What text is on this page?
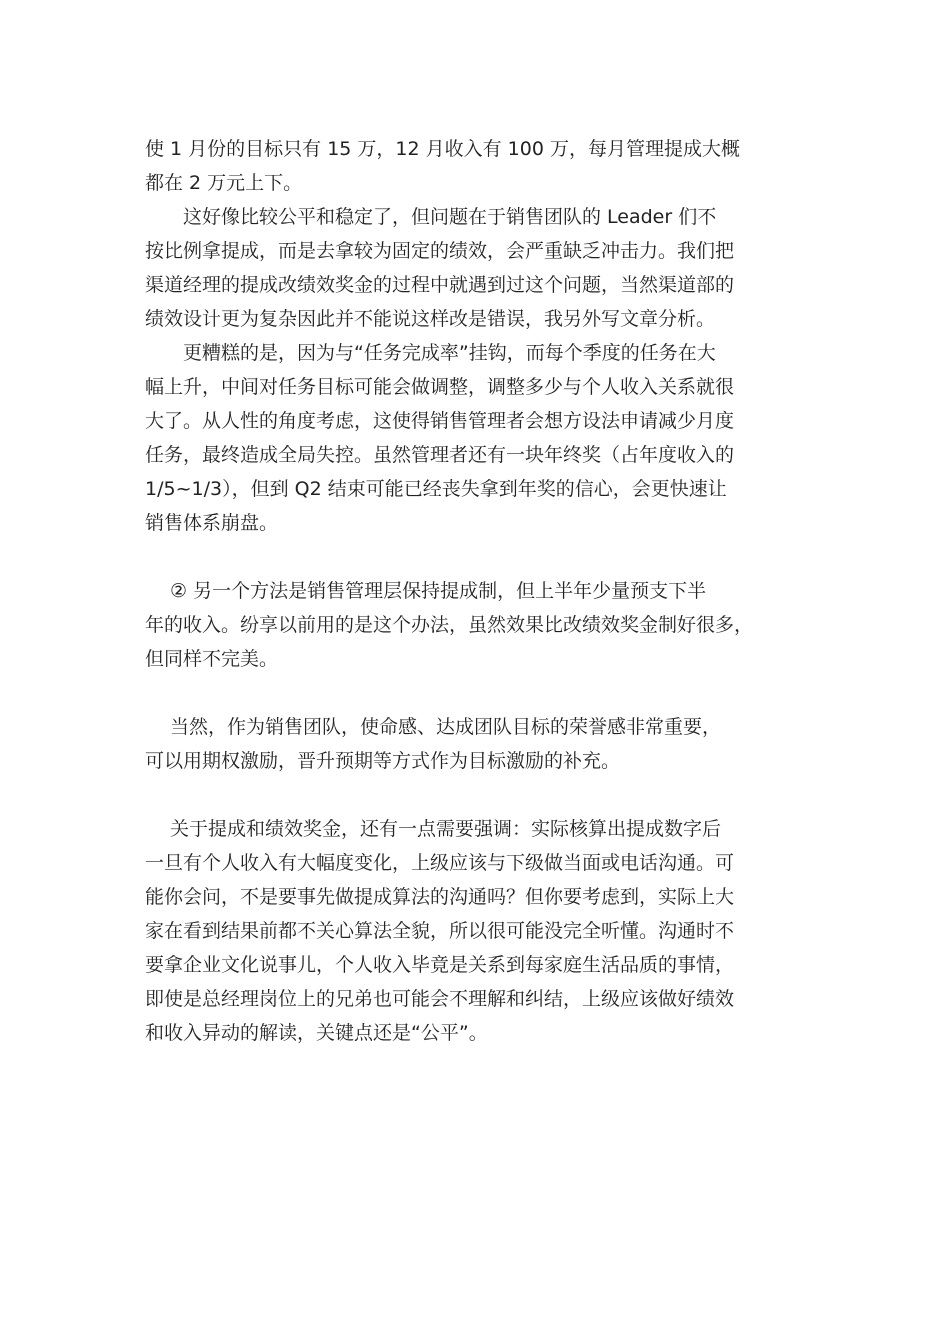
使 1 月份的目标只有 15 万，12 月收入有 100 万，每月管理提成大概

都在 2 万元上下。

　　这好像比较公平和稳定了，但问题在于销售团队的 Leader 们不

按比例拿提成，而是去拿较为固定的绩效，会严重缺乏冲击力。我们把

渠道经理的提成改绩效奖金的过程中就遇到过这个问题，当然渠道部的

绩效设计更为复杂因此并不能说这样改是错误，我另外写文章分析。

　　更糟糕的是，因为与“任务完成率”挂钩，而每个季度的任务在大

幅上升，中间对任务目标可能会做调整，调整多少与个人收入关系就很

大了。从人性的角度考虑，这使得销售管理者会想方设法申请减少月度

任务，最终造成全局失控。虽然管理者还有一块年终奖（占年度收入的

1/5~1/3），但到 Q2 结束可能已经丧失拿到年奖的信心，会更快速让

销售体系崩盘。

　 ② 另一个方法是销售管理层保持提成制，但上半年少量预支下半

年的收入。纷享以前用的是这个办法，虽然效果比改绩效奖金制好很多，

但同样不完美。

　 当然，作为销售团队，使命感、达成团队目标的荣誉感非常重要，

可以用期权激励，晋升预期等方式作为目标激励的补充。

　 关于提成和绩效奖金，还有一点需要强调：实际核算出提成数字后

一旦有个人收入有大幅度变化，上级应该与下级做当面或电话沟通。可

能你会问，不是要事先做提成算法的沟通吗？但你要考虑到，实际上大

家在看到结果前都不关心算法全貌，所以很可能没完全听懂。沟通时不

要拿企业文化说事儿，个人收入毕竟是关系到每家庭生活品质的事情，

即使是总经理岗位上的兄弟也可能会不理解和纠结，上级应该做好绩效

和收入异动的解读，关键点还是“公平”。
